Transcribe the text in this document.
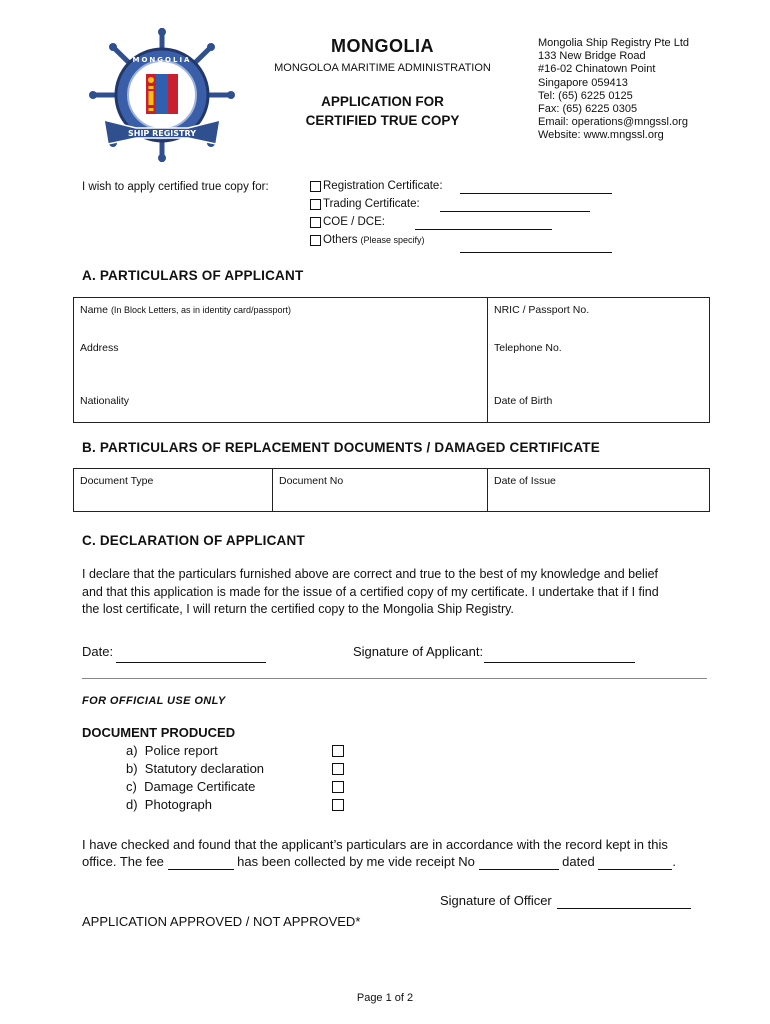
MONGOLIA
SHIP REGISTRY
MONGOLIA
MONGOLOA MARITIME ADMINISTRATION
APPLICATION FOR
CERTIFIED TRUE COPY
Mongolia Ship Registry Pte Ltd
133 New Bridge Road
#16-02 Chinatown Point
Singapore 059413
Tel: (65) 6225 0125
Fax: (65) 6225 0305
Email: operations@mngssl.org
Website: www.mngssl.org
I wish to apply certified true copy for:	Registration Certificate:
Trading Certificate:
COE / DCE:
Others (Please specify)
A. PARTICULARS OF APPLICANT
Name (In Block Letters, as in identity card/passport)	NRIC / Passport No.
Address	Telephone No.
Nationality	Date of Birth
B. PARTICULARS OF REPLACEMENT DOCUMENTS / DAMAGED CERTIFICATE
Document Type	Document No	Date of Issue
C. DECLARATION OF APPLICANT
I declare that the particulars furnished above are correct and true to the best of my knowledge and belief
and that this application is made for the issue of a certified copy of my certificate. I undertake that if I find
the lost certificate, I will return the certified copy to the Mongolia Ship Registry.
Date:	Signature of Applicant:
FOR OFFICIAL USE ONLY
DOCUMENT PRODUCED
a) Police report
b) Statutory declaration
c) Damage Certificate
d) Photograph
I have checked and found that the applicant’s particulars are in accordance with the record kept in this
office. The fee	has been collected by me vide receipt No	dated	.
Signature of Officer
APPLICATION APPROVED / NOT APPROVED*
Page 1 of 2
